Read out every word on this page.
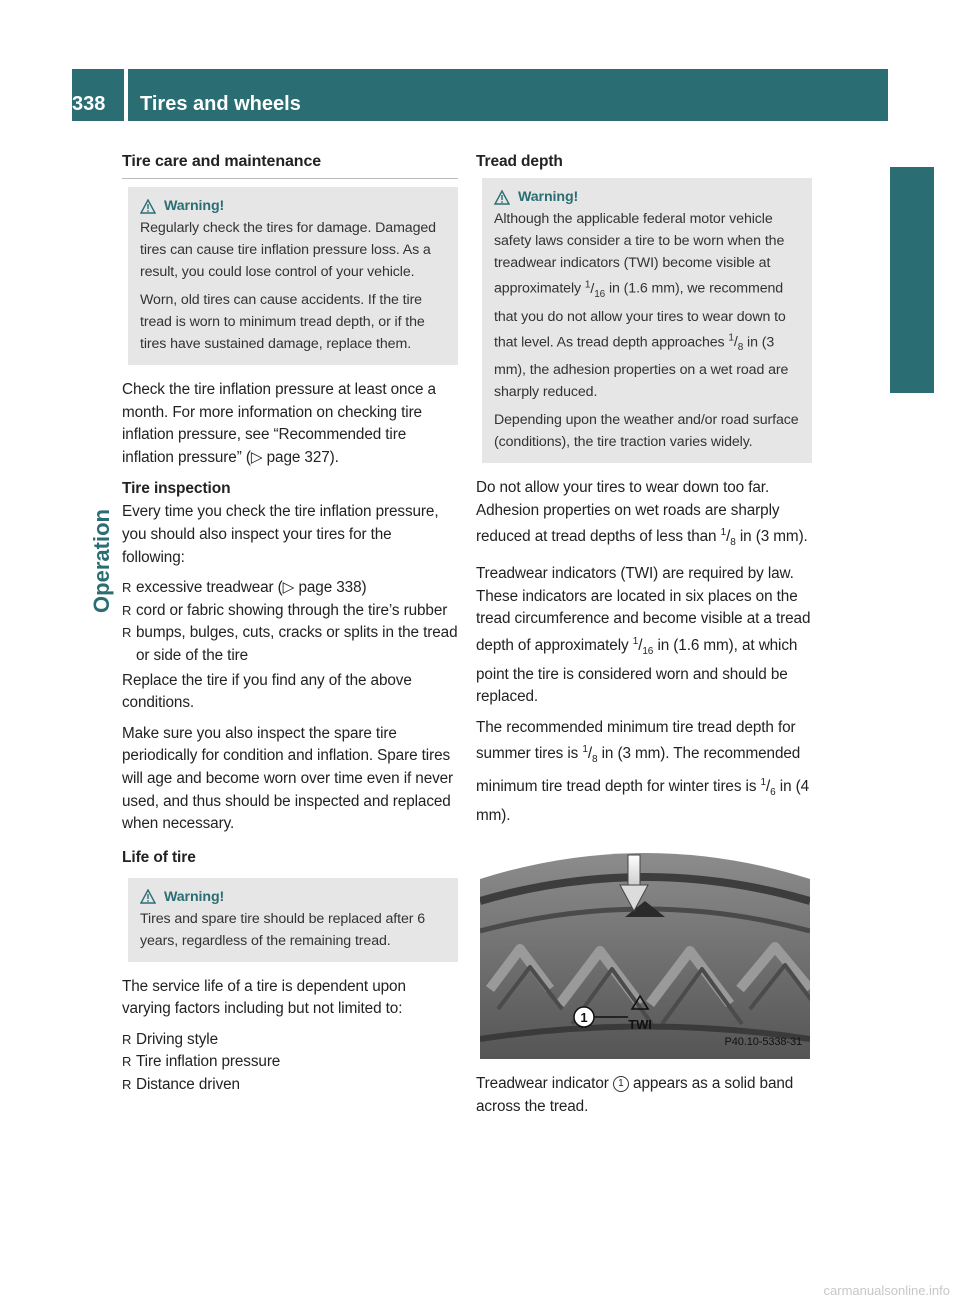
338	Tires and wheels
Operation
Tire care and maintenance
Warning!

Regularly check the tires for damage. Damaged tires can cause tire inflation pressure loss. As a result, you could lose control of your vehicle.

Worn, old tires can cause accidents. If the tire tread is worn to minimum tread depth, or if the tires have sustained damage, replace them.

Check the tire inflation pressure at least once a month. For more information on checking tire inflation pressure, see “Recommended tire inflation pressure” (▷ page 327).

Tire inspection

Every time you check the tire inflation pressure, you should also inspect your tires for the following:

R excessive treadwear (▷ page 338)
R cord or fabric showing through the tire’s rubber
R bumps, bulges, cuts, cracks or splits in the tread or side of the tire

Replace the tire if you find any of the above conditions.

Make sure you also inspect the spare tire periodically for condition and inflation. Spare tires will age and become worn over time even if never used, and thus should be inspected and replaced when necessary.

Life of tire
Warning!

Tires and spare tire should be replaced after 6 years, regardless of the remaining tread.

The service life of a tire is dependent upon varying factors including but not limited to:

R Driving style
R Tire inflation pressure
R Distance driven
Tread depth
Warning!

Although the applicable federal motor vehicle safety laws consider a tire to be worn when the treadwear indicators (TWI) become visible at approximately $^1/_{16}$ in (1.6 mm), we recommend that you do not allow your tires to wear down to that level. As tread depth approaches $^1/_8$ in (3 mm), the adhesion properties on a wet road are sharply reduced.

Depending upon the weather and/or road surface (conditions), the tire traction varies widely.

Do not allow your tires to wear down too far. Adhesion properties on wet roads are sharply reduced at tread depths of less than $^1/_8$ in (3 mm).

Treadwear indicators (TWI) are required by law. These indicators are located in six places on the tread circumference and become visible at a tread depth of approximately $^1/_{16}$ in (1.6 mm), at which point the tire is considered worn and should be replaced.

The recommended minimum tire tread depth for summer tires is $^1/_8$ in (3 mm). The recommended minimum tire tread depth for winter tires is $^1/_6$ in (4 mm).

1	TWI
P40.10-5338-31

Treadwear indicator 1 appears as a solid band across the tread.

carmanualsonline.info
